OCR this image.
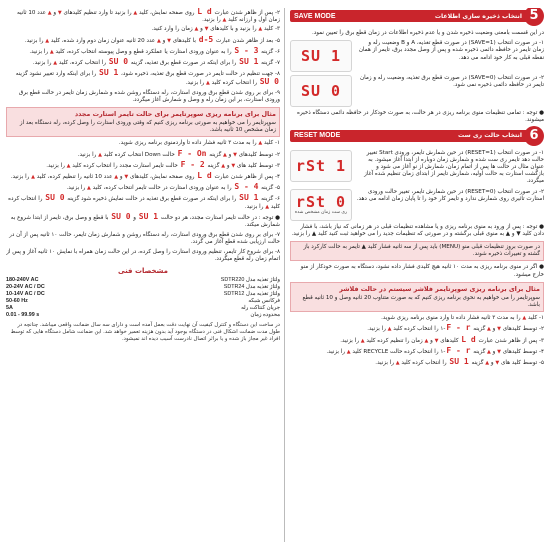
۲- پس از ظاهر شدن عبارت L d روی صفحه نمایش، کلید ▲ را بزنید تا وارد تنظیم کلیدهای ▼ و ▲ عدد 10 ثانیه زمان اول و ارزانه کلید ▲ را بزنید.

۳- کلید ▲ را بزنید و با کلیدهای ▼ و ▲ زمان را وارد کنید.

۵- بعد از ظاهر شدن عبارت d-5 با کلیدهای ▼ و ▲ عدد 20 ثانیه عنوان زمان دوم وارد شده، کلید ▲ را بزنید.

۶- گزینه S - 3 را به عنوان ورودی استارت یا عملکرد قطع و وصل پیوسته انتخاب کرده، کلید ▲ را بزنید.

۷- گزینه SU 1 را برای اینکه در صورت قطع برق تغذیه، گزینه SU 0 را انتخاب کرده، کلید ▲ را بزنید.

۸- جهت تنظیم در حالت تایمر در صورت قطع برق تغذیه، ذخیره شود، SU 1 را برای اینکه وارد تغییر نشود گزینه SU 0 را انتخاب کرده کلید ▲ را بزنید.

۹- برای بر روی شدن قطع برق ورودی استارت، رله دستگاه روشن شده و شمارش زمان تایمر در حالت قطع برق ورودی استارت، بر این زمان رله و وصل و شمارش آغاز میگردد.

مثال برای برنامه ریزی سوپرتایمر برای حالت تایمر استارت مجدد

سوپرتایمر را می خواهیم به صورتی برنامه ریزی کنیم که وقتی ورودی استارت را وصل کرده، رله دستگاه بعد از زمان مشخص 10 ثانیه باشد.

۱- کلید ▲ را به مدت ۳ ثانیه فشار داده تا واردمنوی برنامه ریزی شوید.

۲- توسط کلیدهای ▼ و ▲ گزینه F - On حالت Down انتخاب کرده کلید ▲ را بزنید.

۳- توسط کلید های ▼ و ▲ گزینه F - 2 حالت تایمر استارت مجدد را انتخاب کرده کلید ▲ را بزنید.

۴- پس از ظاهر شدن عبارت L d روی صفحه نمایش، کلیدهای ▼ و ▲ عدد 10 ثانیه را تنظیم کرده، کلید ▲ را بزنید.

۵- گزینه S - 4 را به عنوان ورودی استارت در حالت تایمر انتخاب کرده، کلید ▲ را بزنید.

۶- گزینه SU 1 را برای اینکه در صورت قطع برق تغذیه در حالت نمایش ذخیره شود گزینه SU 0 را انتخاب کرده کلید ▲ را بزنید.

● توجه : در حالت تایمر استارت مجدد، هر دو حالت SU 1 و SU 0 با قطع و وصل برق، تایمر از ابتدا شروع به شمارش میکند.

۷- برای بر روی شدن قطع برق ورودی استارت، رله دستگاه روشن و شمارش زمان تایمر، حالت ۱۰ ثانیه پس از آن در حالت ارزیابی شده قطع آغاز می گردد.

۸- برای شروع کار تایمر، تنظیم ورودی استارت را وصل کرده، در این حالت زمان همراه با نمایش ۱۰ ثانیه آغاز و پس از اتمام زمان رله قطع میگردد.

مشخصات فنی
180-240V AC	ولتاژ تغذیه مدل SDTR220
20-24V AC / DC	ولتاژ تغذیه مدل SDTR24
10-14V AC / DC	ولتاژ تغذیه مدل SDTR12
50-60 Hz	فرکانس شبکه
5A	جریان کنتاکت رله
0.01 - 99.99 s	محدوده زمان
در ساخت این دستگاه و کنترل کیفیت آن نهایت دقت بعمل آمده است و دارای سه سال ضمانت واقعی میباشد. چنانچه در طول مدت ضمانت اشکال فنی در دستگاه بوجود آید بدون هزینه تعمیر خواهد شد. این ضمانت شامل دستگاه هایی که توسط افراد غیر مجاز باز شده و یا براثر اتصال نادرست آسیب دیده اند نمیشود.
SAVE MODE	انتخاب ذخیره سازی اطلاعات 5

در این قسمت بامعنی وضعیت ذخیره شدن و یا عدم ذخیره اطلاعات در زمان قطع برق را تعیین نمود.

SU 1

۱- در صورت انتخاب (SAVE=1) در صورت قطع تغذیه، A و B وضعیت رله و زمان تایمر در حافظه دائمی ذخیره شده و پس از وصل مجدد برق، تایمر از همان نقطه قبلی به کار خود ادامه می دهد.

SU 0

۲- در صورت انتخاب (SAVE=0) در صورت قطع برق تغذیه، وضعیت رله و زمان تایمر در حافظه دائمی ذخیره نمی شود.

● توجه : تمامی تنظیمات منوی برنامه ریزی در هر حالت، به صورت خودکار در حافظه دائمی دستگاه ذخیره میشوند.

RESET MODE	انتخاب حالت ری ست 6
rSt 1

۱- در صورت انتخاب (RESET=1) در حین شمارش تایمر، ورودی Start تغییر حالت دهد تایمر ری ست شده و شمارش زمان دوباره از ابتدا آغاز میشود. به عنوان مثال در حالت ها پس از اتمام زمان، شمارش از نو آغاز می شود و بازگشت استارت به حالت اولیه، شمارش تایمر از ابتدای زمان تنظیم شده آغاز میگردد.

rSt 0
ری ست زمان مشخص شده

۲- در صورت انتخاب (RESET=0) در حین شمارش تایمر، تغییر حالت ورودی استارت تاثیری روی شمارش ندارد و تایمر کار خود را تا پایان زمان ادامه می دهد.

● توجه : پس از ورود به منوی برنامه ریزی و یا مشاهده تنظیمات قبلی در هر زمانی که نیاز باشد، با فشار دادن کلید ▼ و ▲ به منوی قبلی برگشته و در صورتی که تنظیمات جدید را می خواهید ثبت کنید کلید ▲ را بزنید.

در صورت بروز تنظیمات قبلی منو (MENU) باید پس از سه ثانیه فشار کلید ▲ تایمر به حالت کارکرد باز گشته و تغییرات ذخیره شوند.

● اگر در منوی برنامه ریزی به مدت ۱۰ ثانیه هیچ کلیدی فشار داده نشود، دستگاه به صورت خودکار از منو خارج میشود.

مثال برای برنامه ریزی سوپرتایمر فلاشر سیستم در حالت فلاشر

سوپرتایمر را می خواهیم به نحوی برنامه ریزی کنیم که به صورت متناوب 20 ثانیه وصل و 10 ثانیه قطع باشد.

۱- کلید ▲ را به مدت ۳ ثانیه فشار داده تا وارد منوی برنامه ریزی شوید.

۲- توسط کلیدهای ▼ و ▲ گزینه F - r-۱ را انتخاب کرده کلید ▲ را بزنید.

۳- پس از ظاهر شدن عبارت L d کلیدهای ▼ و ▲ زمان را تنظیم کرده کلید ▲ را بزنید.

۴- توسط کلیدهای ▼ و ▲ گزینه F - r-۱ را انتخاب کرده حالت RECYCLE کلید ▲ را بزنید.

۵- توسط کلید های ▼ و ▲ گزینه SU 1 را انتخاب کرده کلید ▲ را بزنید.
